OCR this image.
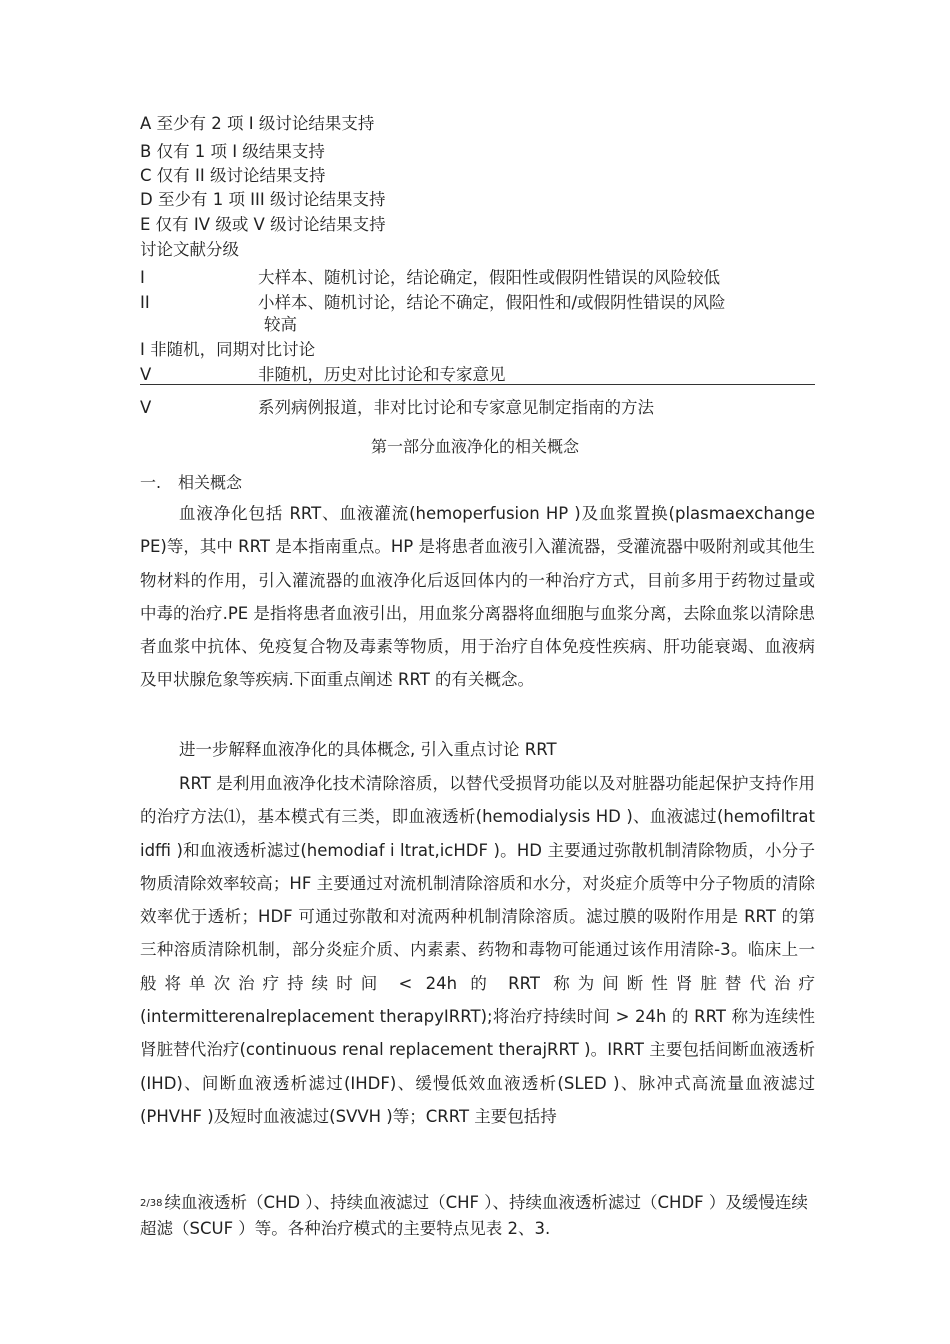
A 至少有 2 项 I 级讨论结果支持
B 仅有 1 项 I 级结果支持
C 仅有 II 级讨论结果支持
D 至少有 1 项 III 级讨论结果支持
E 仅有 IV 级或 V 级讨论结果支持
讨论文献分级
I	大样本、随机讨论，结论确定，假阳性或假阴性错误的风险较低
II	小样本、随机讨论，结论不确定，假阳性和/或假阴性错误的风险
较高
I 非随机，同期对比讨论
V	非随机，历史对比讨论和专家意见
V	系列病例报道，非对比讨论和专家意见制定指南的方法
第一部分血液净化的相关概念
一. 相关概念

血液净化包括 RRT、血液灌流(hemoperfusion HP )及血浆置换(plasmaexchange PE)等，其中 RRT 是本指南重点。HP 是将患者血液引入灌流器，受灌流器中吸附剂或其他生物材料的作用，引入灌流器的血液净化后返回体内的一种治疗方式，目前多用于药物过量或中毒的治疗.PE 是指将患者血液引出，用血浆分离器将血细胞与血浆分离，去除血浆以清除患者血浆中抗体、免疫复合物及毒素等物质，用于治疗自体免疫性疾病、肝功能衰竭、血液病及甲状腺危象等疾病.下面重点阐述 RRT 的有关概念。

进一步解释血液净化的具体概念, 引入重点讨论 RRT

RRT 是利用血液净化技术清除溶质，以替代受损肾功能以及对脏器功能起保护支持作用的治疗方法⑴，基本模式有三类，即血液透析(hemodialysis HD )、血液滤过(hemofiltrat idffi )和血液透析滤过(hemodiaf i ltrat,icHDF )。HD 主要通过弥散机制清除物质，小分子物质清除效率较高；HF 主要通过对流机制清除溶质和水分，对炎症介质等中分子物质的清除效率优于透析；HDF 可通过弥散和对流两种机制清除溶质。滤过膜的吸附作用是 RRT 的第三种溶质清除机制，部分炎症介质、内素素、药物和毒物可能通过该作用清除-3。临床上一般将单次治疗持续时间 < 24h 的 RRT 称为间断性肾脏替代治疗(intermitterenalreplacement therapyIRRT);将治疗持续时间 > 24h 的 RRT 称为连续性肾脏替代治疗(continuous renal replacement therajRRT )。IRRT 主要包括间断血液透析(IHD)、间断血液透析滤过(IHDF)、缓慢低效血液透析(SLED )、脉冲式高流量血液滤过(PHVHF )及短时血液滤过(SVVH )等；CRRT 主要包括持

2/38 续血液透析（CHD ）、持续血液滤过（CHF ）、持续血液透析滤过（CHDF ）及缓慢连续超滤（SCUF ）等。各种治疗模式的主要特点见表 2、3.
